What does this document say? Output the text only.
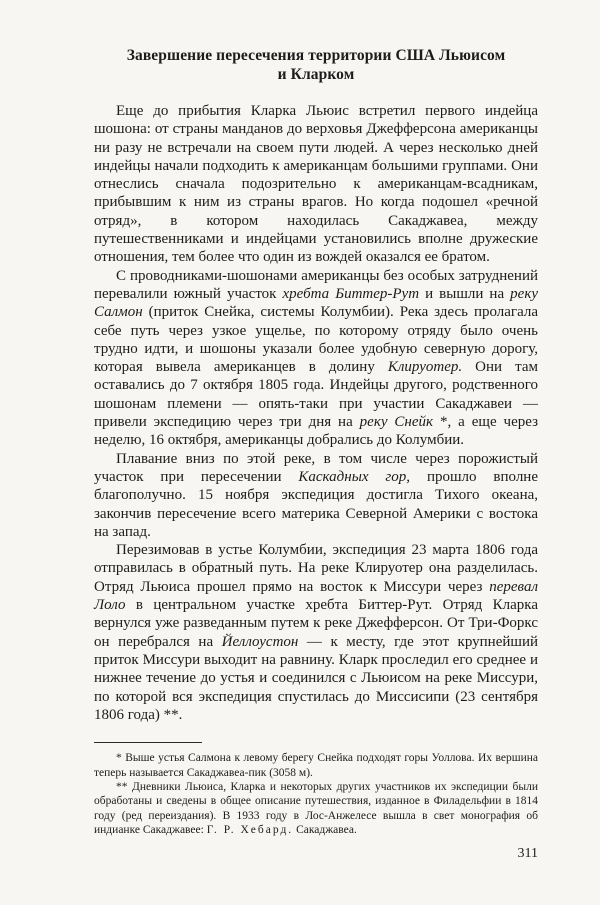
Завершение пересечения территории США Льюисом
и Кларком

Еще до прибытия Кларка Льюис встретил первого индейца шошона: от страны манданов до верховья Джефферсона американцы ни разу не встречали на своем пути людей. А через несколько дней индейцы начали подходить к американцам большими группами. Они отнеслись сначала подозрительно к американцам-всадникам, прибывшим к ним из страны врагов. Но когда подошел «речной отряд», в котором находилась Сакаджавеа, между путешественниками и индейцами установились вполне дружеские отношения, тем более что один из вождей оказался ее братом.

С проводниками-шошонами американцы без особых затруднений перевалили южный участок хребта Биттер-Рут и вышли на реку Салмон (приток Снейка, системы Колумбии). Река здесь пролагала себе путь через узкое ущелье, по которому отряду было очень трудно идти, и шошоны указали более удобную северную дорогу, которая вывела американцев в долину Клируотер. Они там оставались до 7 октября 1805 года. Индейцы другого, родственного шошонам племени — опять-таки при участии Сакаджавеи — привели экспедицию через три дня на реку Снейк *, а еще через неделю, 16 октября, американцы добрались до Колумбии.

Плавание вниз по этой реке, в том числе через порожистый участок при пересечении Каскадных гор, прошло вполне благополучно. 15 ноября экспедиция достигла Тихого океана, закончив пересечение всего материка Северной Америки с востока на запад.

Перезимовав в устье Колумбии, экспедиция 23 марта 1806 года отправилась в обратный путь. На реке Клируотер она разделилась. Отряд Льюиса прошел прямо на восток к Миссури через перевал Лоло в центральном участке хребта Биттер-Рут. Отряд Кларка вернулся уже разведанным путем к реке Джефферсон. От Три-Форкс он перебрался на Йеллоустон — к месту, где этот крупнейший приток Миссури выходит на равнину. Кларк проследил его среднее и нижнее течение до устья и соединился с Льюисом на реке Миссури, по которой вся экспедиция спустилась до Миссисипи (23 сентября 1806 года) **.

* Выше устья Салмона к левому берегу Снейка подходят горы Уоллова. Их вершина теперь называется Сакаджавеа-пик (3058 м).

** Дневники Льюиса, Кларка и некоторых других участников их экспедиции были обработаны и сведены в общее описание путешествия, изданное в Филадельфии в 1814 году (ред переиздания). В 1933 году в Лос-Анжелесе вышла в свет монография об индианке Сакаджавее: Г. Р. Хебард. Сакаджавеа.

311
